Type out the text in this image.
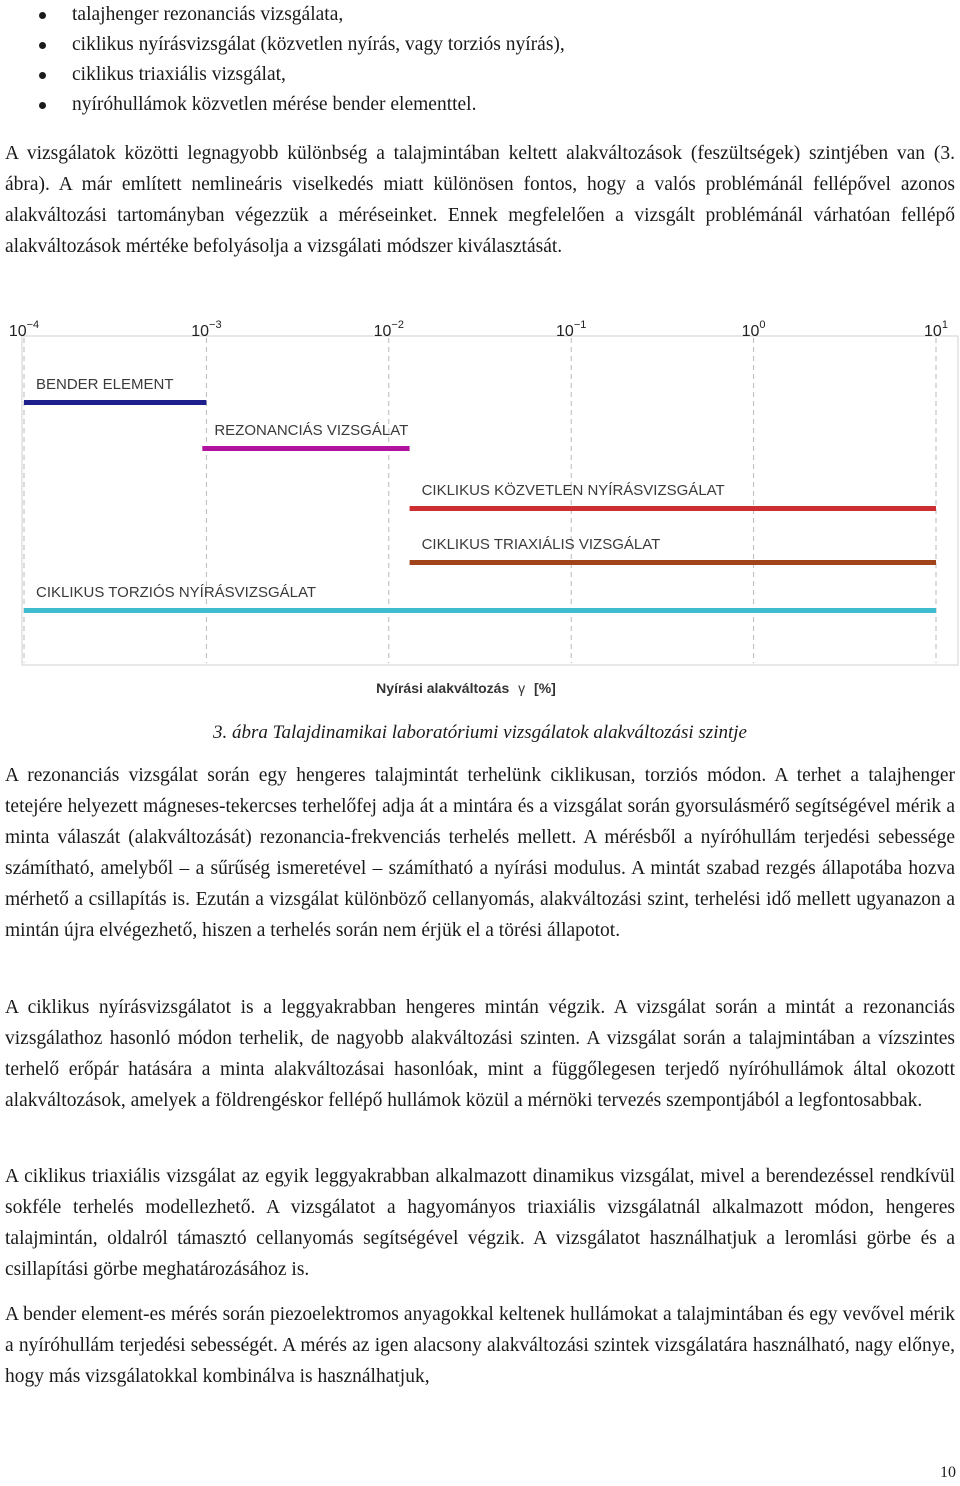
talajhenger rezonanciás vizsgálata,
ciklikus nyírásvizsgálat (közvetlen nyírás, vagy torziós nyírás),
ciklikus triaxiális vizsgálat,
nyíróhullámok közvetlen mérése bender elementtel.

A vizsgálatok közötti legnagyobb különbség a talajmintában keltett alakváltozások (feszültségek) szintjében van (3. ábra). A már említett nemlineáris viselkedés miatt különösen fontos, hogy a valós problémánál fellépővel azonos alakváltozási tartományban végezzük a méréseinket. Ennek megfelelően a vizsgált problémánál várhatóan fellépő alakváltozások mértéke befolyásolja a vizsgálati módszer kiválasztását.

$10^{-4}$	$10^{-3}$	$10^{-2}$	$10^{-1}$	$10^0$	$10^1$
BENDER ELEMENT
REZONANCIÁS VIZSGÁLAT
CIKLIKUS KÖZVETLEN NYÍRÁSVIZSGÁLAT
CIKLIKUS TRIAXIÁLIS VIZSGÁLAT
CIKLIKUS TORZIÓS NYÍRÁSVIZSGÁLAT
Nyírási alakváltozás γ [%]

3. ábra Talajdinamikai laboratóriumi vizsgálatok alakváltozási szintje

A rezonanciás vizsgálat során egy hengeres talajmintát terhelünk ciklikusan, torziós módon. A terhet a talajhenger tetejére helyezett mágneses-tekercses terhelőfej adja át a mintára és a vizsgálat során gyorsulásmérő segítségével mérik a minta válaszát (alakváltozását) rezonancia-frekvenciás terhelés mellett. A mérésből a nyíróhullám terjedési sebessége számítható, amelyből – a sűrűség ismeretével – számítható a nyírási modulus. A mintát szabad rezgés állapotába hozva mérhető a csillapítás is. Ezután a vizsgálat különböző cellanyomás, alakváltozási szint, terhelési idő mellett ugyanazon a mintán újra elvégezhető, hiszen a terhelés során nem érjük el a törési állapotot.

A ciklikus nyírásvizsgálatot is a leggyakrabban hengeres mintán végzik. A vizsgálat során a mintát a rezonanciás vizsgálathoz hasonló módon terhelik, de nagyobb alakváltozási szinten. A vizsgálat során a talajmintában a vízszintes terhelő erőpár hatására a minta alakváltozásai hasonlóak, mint a függőlegesen terjedő nyíróhullámok által okozott alakváltozások, amelyek a földrengéskor fellépő hullámok közül a mérnöki tervezés szempontjából a legfontosabbak.

A ciklikus triaxiális vizsgálat az egyik leggyakrabban alkalmazott dinamikus vizsgálat, mivel a berendezéssel rendkívül sokféle terhelés modellezhető. A vizsgálatot a hagyományos triaxiális vizsgálatnál alkalmazott módon, hengeres talajmintán, oldalról támasztó cellanyomás segítségével végzik. A vizsgálatot használhatjuk a leromlási görbe és a csillapítási görbe meghatározásához is.

A bender element-es mérés során piezoelektromos anyagokkal keltenek hullámokat a talajmintában és egy vevővel mérik a nyíróhullám terjedési sebességét. A mérés az igen alacsony alakváltozási szintek vizsgálatára használható, nagy előnye, hogy más vizsgálatokkal kombinálva is használhatjuk,

10
